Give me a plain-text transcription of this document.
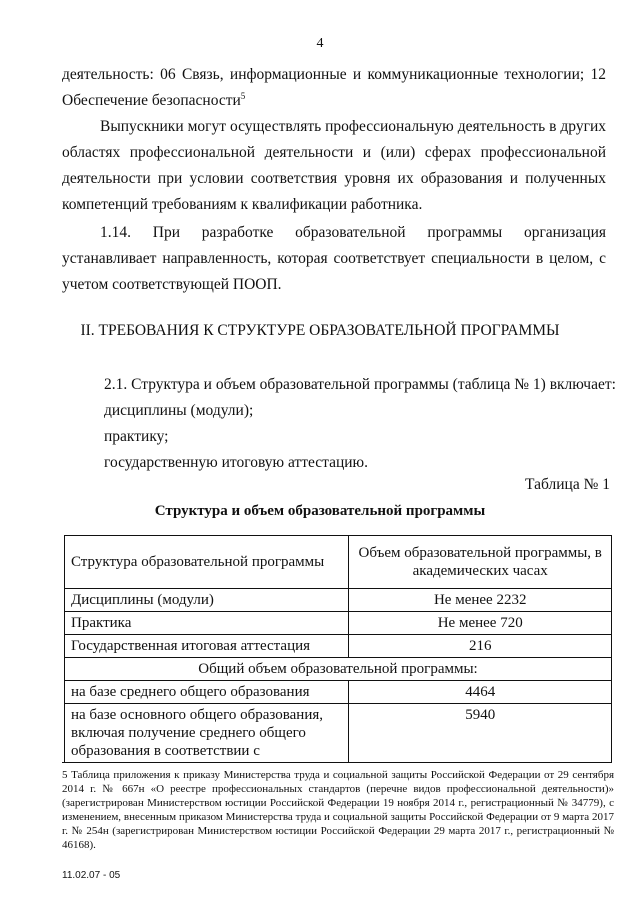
4
деятельность: 06 Связь, информационные и коммуникационные технологии; 12 Обеспечение безопасности$^5$
Выпускники могут осуществлять профессиональную деятельность в других областях профессиональной деятельности и (или) сферах профессиональной деятельности при условии соответствия уровня их образования и полученных компетенций требованиям к квалификации работника.
1.14. При разработке образовательной программы организация устанавливает направленность, которая соответствует специальности в целом, с учетом соответствующей ПООП.
II. ТРЕБОВАНИЯ К СТРУКТУРЕ ОБРАЗОВАТЕЛЬНОЙ ПРОГРАММЫ
2.1. Структура и объем образовательной программы (таблица № 1) включает:
дисциплины (модули);
практику;
государственную итоговую аттестацию.
Таблица № 1
Структура и объем образовательной программы
Структура образовательной программы	Объем образовательной программы, в академических часах
Дисциплины (модули)	Не менее 2232
Практика	Не менее 720
Государственная итоговая аттестация	216
Общий объем образовательной программы:	
на базе среднего общего образования	4464
на базе основного общего образования, включая получение среднего общего образования в соответствии с	5940
5 Таблица приложения к приказу Министерства труда и социальной защиты Российской Федерации от 29 сентября 2014 г. № 667н «О реестре профессиональных стандартов (перечне видов профессиональной деятельности)» (зарегистрирован Министерством юстиции Российской Федерации 19 ноября 2014 г., регистрационный № 34779), с изменением, внесенным приказом Министерства труда и социальной защиты Российской Федерации от 9 марта 2017 г. № 254н (зарегистрирован Министерством юстиции Российской Федерации 29 марта 2017 г., регистрационный № 46168).
11.02.07 - 05
